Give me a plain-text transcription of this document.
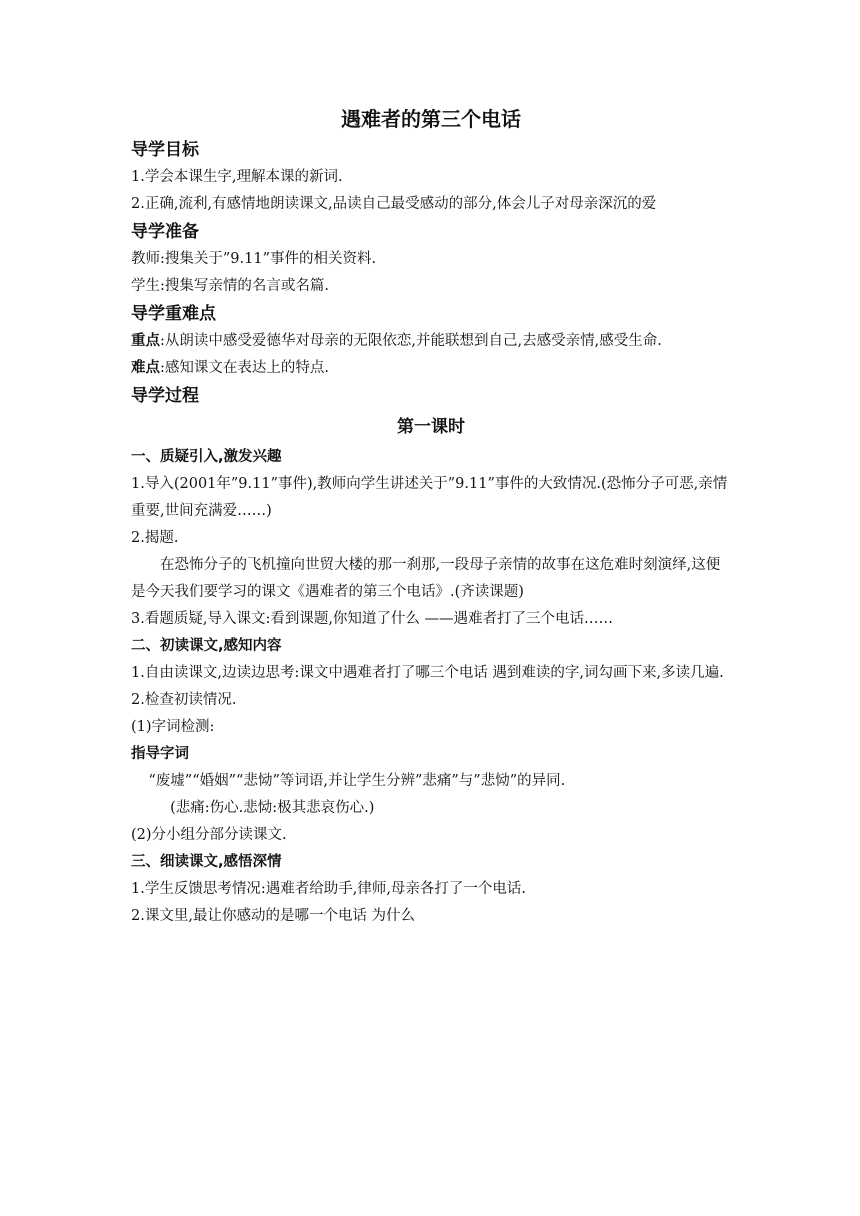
遇难者的第三个电话
导学目标

1.学会本课生字,理解本课的新词.

2.正确,流利,有感情地朗读课文,品读自己最受感动的部分,体会儿子对母亲深沉的爱

导学准备

教师:搜集关于”9.11”事件的相关资料.

学生:搜集写亲情的名言或名篇.

导学重难点

重点:从朗读中感受爱德华对母亲的无限依恋,并能联想到自己,去感受亲情,感受生命.

难点:感知课文在表达上的特点.

导学过程
第一课时
一、质疑引入,激发兴趣

1.导入(2001年”9.11”事件),教师向学生讲述关于”9.11”事件的大致情况.(恐怖分子可恶,亲情重要,世间充满爱……)

2.揭题.

在恐怖分子的飞机撞向世贸大楼的那一刹那,一段母子亲情的故事在这危难时刻演绎,这便是今天我们要学习的课文《遇难者的第三个电话》.(齐读课题)

3.看题质疑,导入课文:看到课题,你知道了什么 ——遇难者打了三个电话……

二、初读课文,感知内容

1.自由读课文,边读边思考:课文中遇难者打了哪三个电话 遇到难读的字,词勾画下来,多读几遍.

2.检查初读情况.

(1)字词检测:

指导字词

“废墟”“婚姻”“悲恸”等词语,并让学生分辨”悲痛”与”悲恸”的异同.

(悲痛:伤心.悲恸:极其悲哀伤心.)

(2)分小组分部分读课文.

三、细读课文,感悟深情

1.学生反馈思考情况:遇难者给助手,律师,母亲各打了一个电话.

2.课文里,最让你感动的是哪一个电话 为什么
